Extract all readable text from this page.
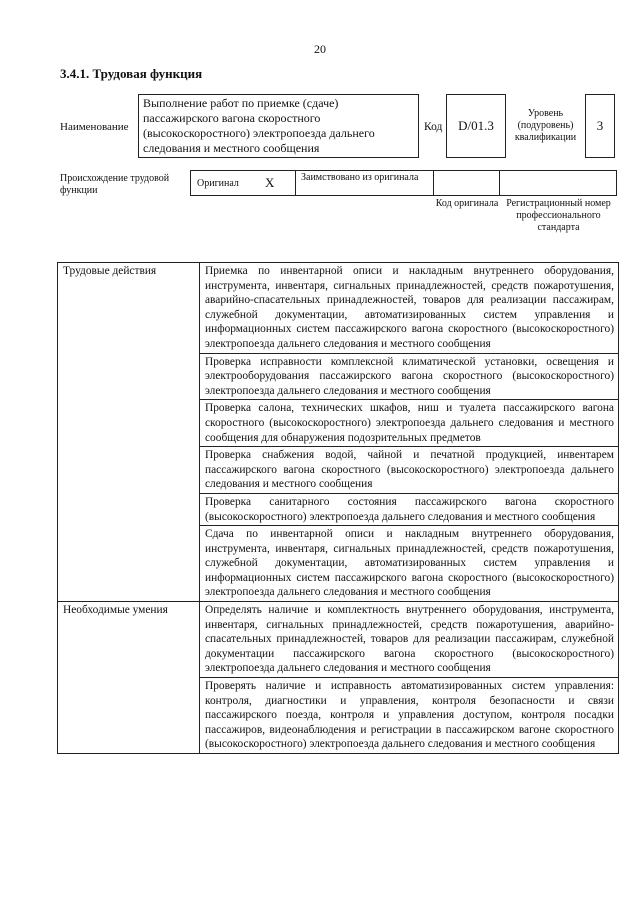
20
3.4.1. Трудовая функция
Наименование
Выполнение работ по приемке (сдаче) пассажирского вагона скоростного (высокоскоростного) электропоезда дальнего следования и местного сообщения
Код	D/01.3
Уровень (подуровень) квалификации
3
Происхождение трудовой функции
Оригинал X	Заимствовано из оригинала
Код оригинала Регистрационный номер профессионального стандарта
Трудовые действия	Приемка по инвентарной описи и накладным внутреннего оборудования, инструмента, инвентаря, сигнальных принадлежностей, средств пожаротушения, аварийно-спасательных принадлежностей, товаров для реализации пассажирам, служебной документации, автоматизированных систем управления и информационных систем пассажирского вагона скоростного (высокоскоростного) электропоезда дальнего следования и местного сообщения
	Проверка исправности комплексной климатической установки, освещения и электрооборудования пассажирского вагона скоростного (высокоскоростного) электропоезда дальнего следования и местного сообщения
	Проверка салона, технических шкафов, ниш и туалета пассажирского вагона скоростного (высокоскоростного) электропоезда дальнего следования и местного сообщения для обнаружения подозрительных предметов
	Проверка снабжения водой, чайной и печатной продукцией, инвентарем пассажирского вагона скоростного (высокоскоростного) электропоезда дальнего следования и местного сообщения
	Проверка санитарного состояния пассажирского вагона скоростного (высокоскоростного) электропоезда дальнего следования и местного сообщения
	Сдача по инвентарной описи и накладным внутреннего оборудования, инструмента, инвентаря, сигнальных принадлежностей, средств пожаротушения, служебной документации, автоматизированных систем управления и информационных систем пассажирского вагона скоростного (высокоскоростного) электропоезда дальнего следования и местного сообщения
Необходимые умения	Определять наличие и комплектность внутреннего оборудования, инструмента, инвентаря, сигнальных принадлежностей, средств пожаротушения, аварийно-спасательных принадлежностей, товаров для реализации пассажирам, служебной документации пассажирского вагона скоростного (высокоскоростного) электропоезда дальнего следования и местного сообщения
	Проверять наличие и исправность автоматизированных систем управления: контроля, диагностики и управления, контроля безопасности и связи пассажирского поезда, контроля и управления доступом, контроля посадки пассажиров, видеонаблюдения и регистрации в пассажирском вагоне скоростного (высокоскоростного) электропоезда дальнего следования и местного сообщения
